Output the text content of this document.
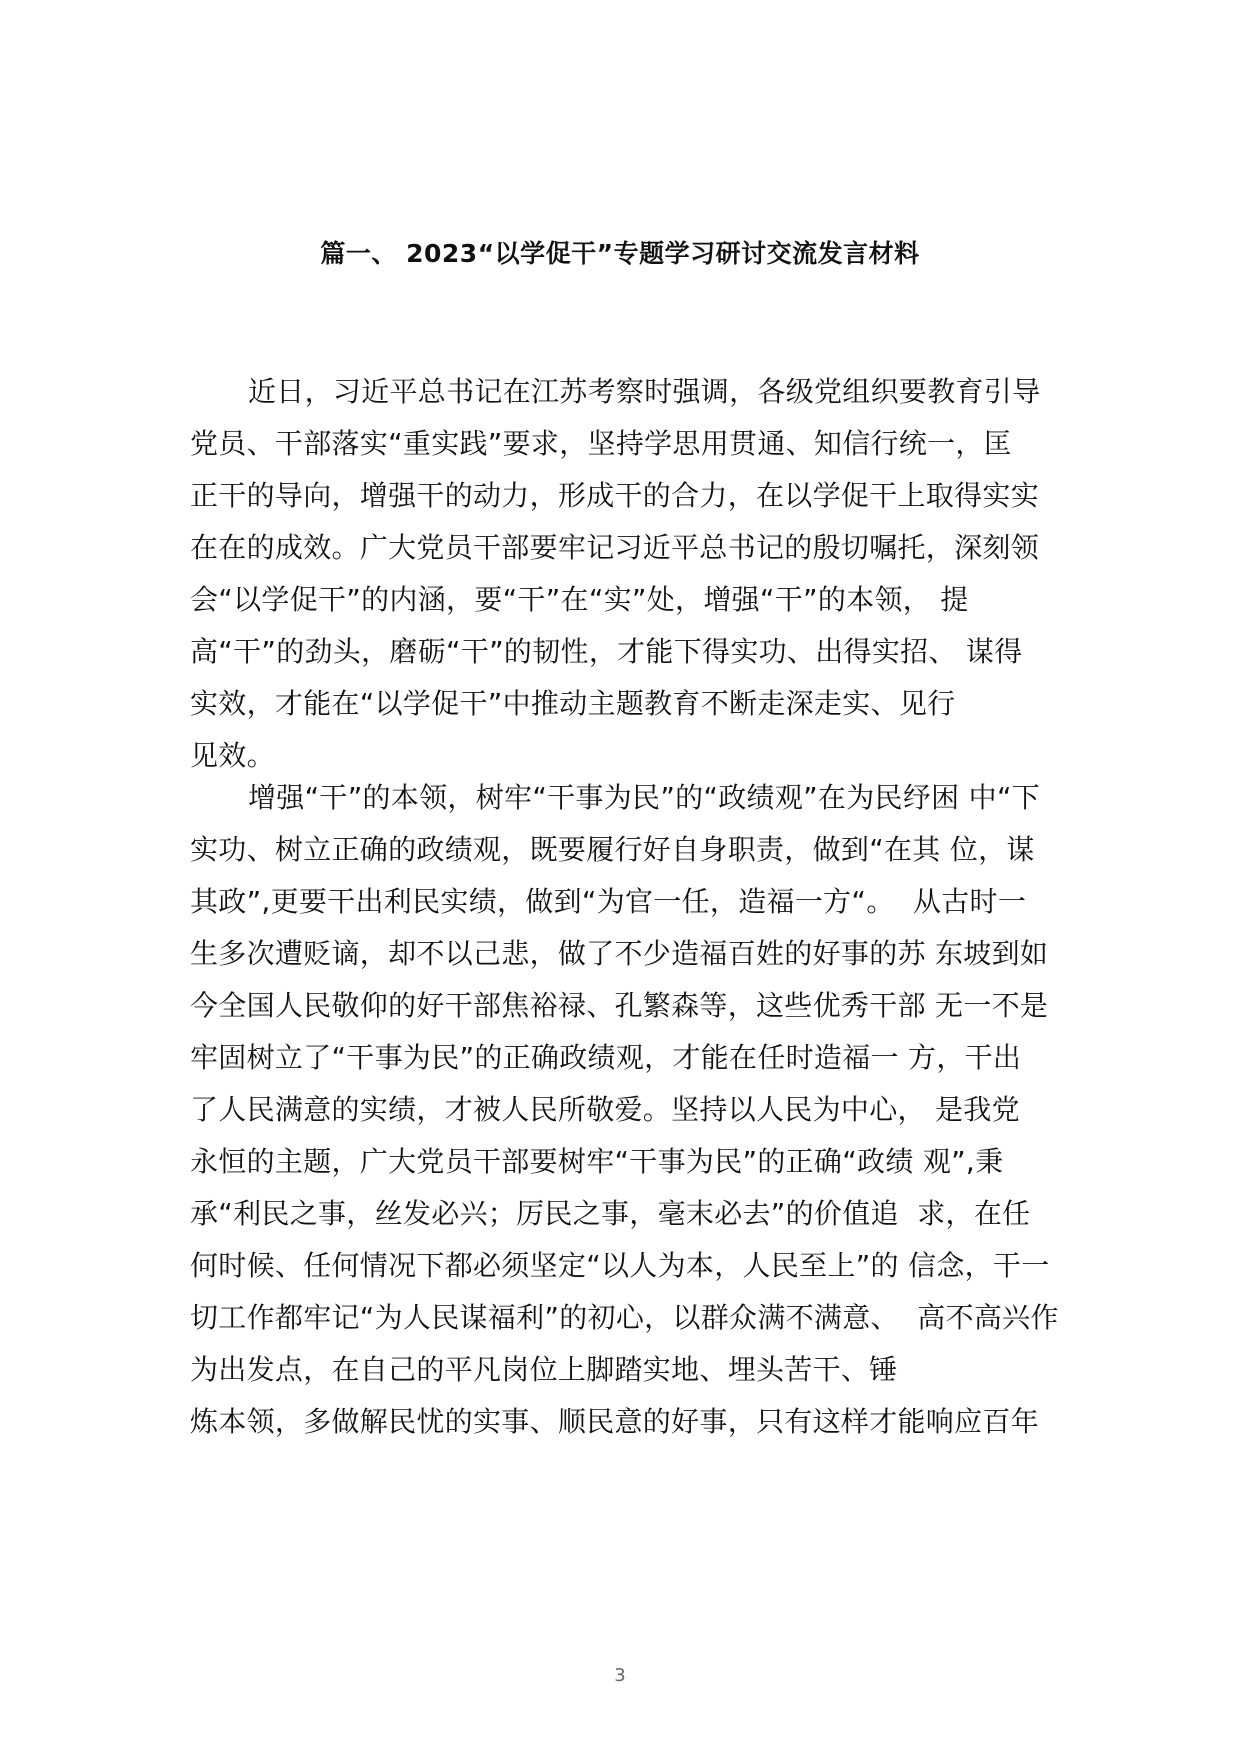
篇一、 2023“以学促干”专题学习研讨交流发言材料
近日，习近平总书记在江苏考察时强调，各级党组织要教育引导
党员、干部落实“重实践”要求，坚持学思用贯通、知信行统一，匡
正干的导向，增强干的动力，形成干的合力，在以学促干上取得实实
在在的成效。广大党员干部要牢记习近平总书记的殷切嘱托，深刻领
会“以学促干”的内涵，要“干”在“实”处，增强“干”的本领， 提
高“干”的劲头，磨砺“干”的韧性，才能下得实功、出得实招、 谋得
实效，才能在“以学促干”中推动主题教育不断走深走实、见行
见效。
增强“干”的本领，树牢“干事为民”的“政绩观”在为民纾困 中“下
实功、树立正确的政绩观，既要履行好自身职责，做到“在其 位，谋
其政”,更要干出利民实绩，做到“为官一任，造福一方“。  从古时一
生多次遭贬谪，却不以己悲，做了不少造福百姓的好事的苏 东坡到如
今全国人民敬仰的好干部焦裕禄、孔繁森等，这些优秀干部 无一不是
牢固树立了“干事为民”的正确政绩观，才能在任时造福一 方，干出
了人民满意的实绩，才被人民所敬爱。坚持以人民为中心， 是我党
永恒的主题，广大党员干部要树牢“干事为民”的正确“政绩 观”,秉
承“利民之事，丝发必兴；厉民之事，毫末必去”的价值追  求，在任
何时候、任何情况下都必须坚定“以人为本，人民至上”的 信念，干一
切工作都牢记“为人民谋福利”的初心，以群众满不满意、  高不高兴作
为出发点，在自己的平凡岗位上脚踏实地、埋头苦干、锤
炼本领，多做解民忧的实事、顺民意的好事，只有这样才能响应百年
3
